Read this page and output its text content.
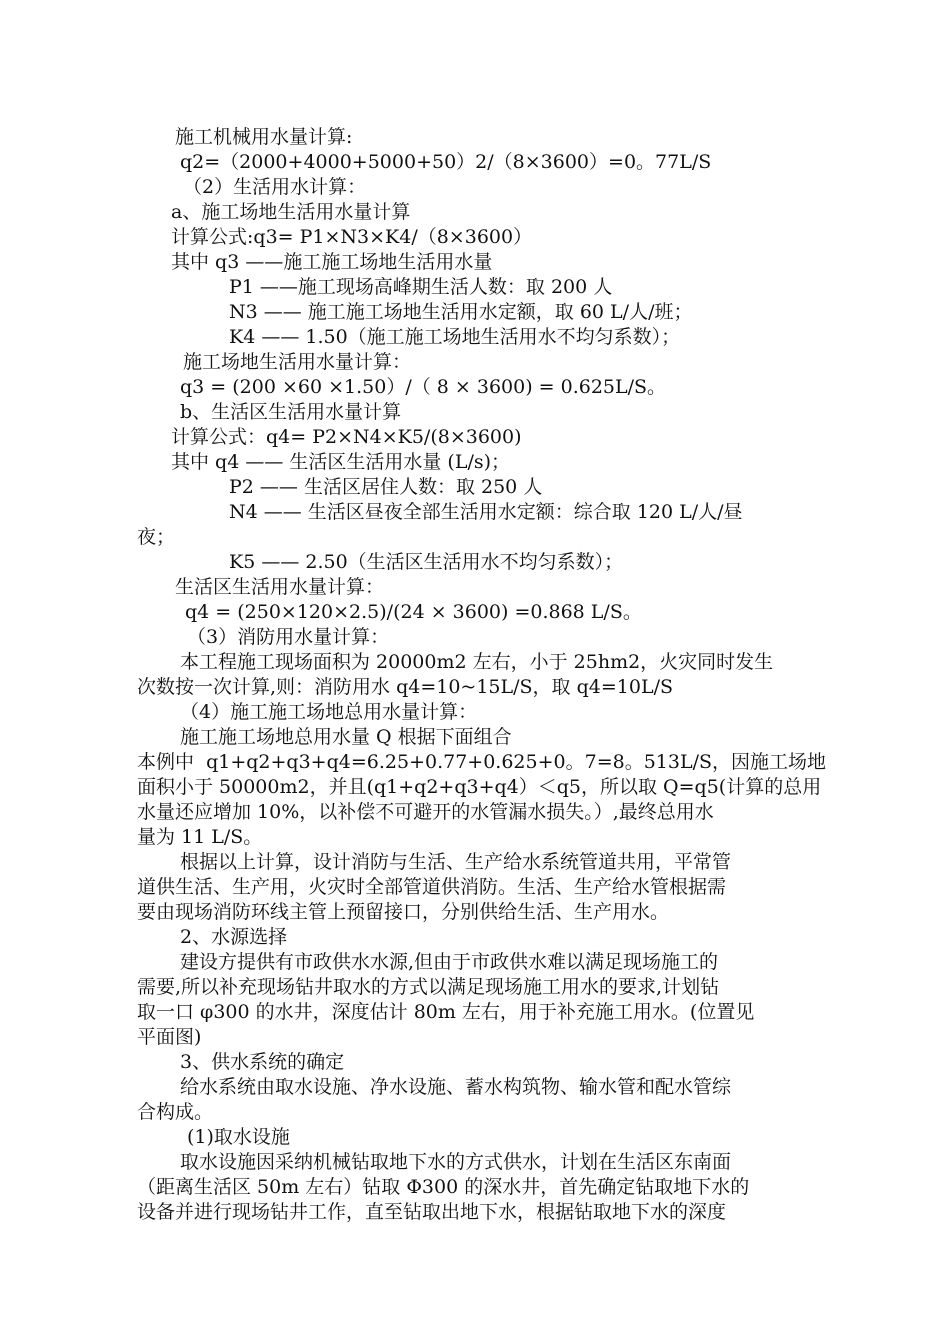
施工机械用水量计算:
q2=（2000+4000+5000+50）2/（8×3600）=0。77L/S
（2）生活用水计算：
a、施工场地生活用水量计算
计算公式:q3= P1×N3×K4/（8×3600）
其中 q3 ——施工施工场地生活用水量
P1 ——施工现场高峰期生活人数：取 200 人
N3 —— 施工施工场地生活用水定额，取 60 L/人/班；
K4 —— 1.50（施工施工场地生活用水不均匀系数）；
施工场地生活用水量计算：
q3 = (200 ×60 ×1.50）/（ 8 × 3600) = 0.625L/S。
b、生活区生活用水量计算
计算公式：q4= P2×N4×K5/(8×3600)
其中 q4 —— 生活区生活用水量 (L/s)；
P2 —— 生活区居住人数：取 250 人
N4 —— 生活区昼夜全部生活用水定额：综合取 120 L/人/昼
夜；
K5 —— 2.50（生活区生活用水不均匀系数）；
生活区生活用水量计算：
q4 = (250×120×2.5)/(24 × 3600) =0.868 L/S。
（3）消防用水量计算：
本工程施工现场面积为 20000m2 左右，小于 25hm2，火灾同时发生
次数按一次计算,则：消防用水 q4=10~15L/S，取 q4=10L/S
（4）施工施工场地总用水量计算：
施工施工场地总用水量 Q 根据下面组合
本例中  q1+q2+q3+q4=6.25+0.77+0.625+0。7=8。513L/S，因施工场地
面积小于 50000m2，并且(q1+q2+q3+q4）＜q5，所以取 Q=q5(计算的总用
水量还应增加 10%，以补偿不可避开的水管漏水损失。）,最终总用水
量为 11 L/S。
根据以上计算，设计消防与生活、生产给水系统管道共用，平常管
道供生活、生产用，火灾时全部管道供消防。生活、生产给水管根据需
要由现场消防环线主管上预留接口，分别供给生活、生产用水。
2、水源选择
建设方提供有市政供水水源,但由于市政供水难以满足现场施工的
需要,所以补充现场钻井取水的方式以满足现场施工用水的要求,计划钻
取一口 φ300 的水井，深度估计 80m 左右，用于补充施工用水。(位置见
平面图)
3、供水系统的确定
给水系统由取水设施、净水设施、蓄水构筑物、输水管和配水管综
合构成。
(1)取水设施
取水设施因采纳机械钻取地下水的方式供水，计划在生活区东南面
（距离生活区 50m 左右）钻取 Φ300 的深水井，首先确定钻取地下水的
设备并进行现场钻井工作，直至钻取出地下水，根据钻取地下水的深度
